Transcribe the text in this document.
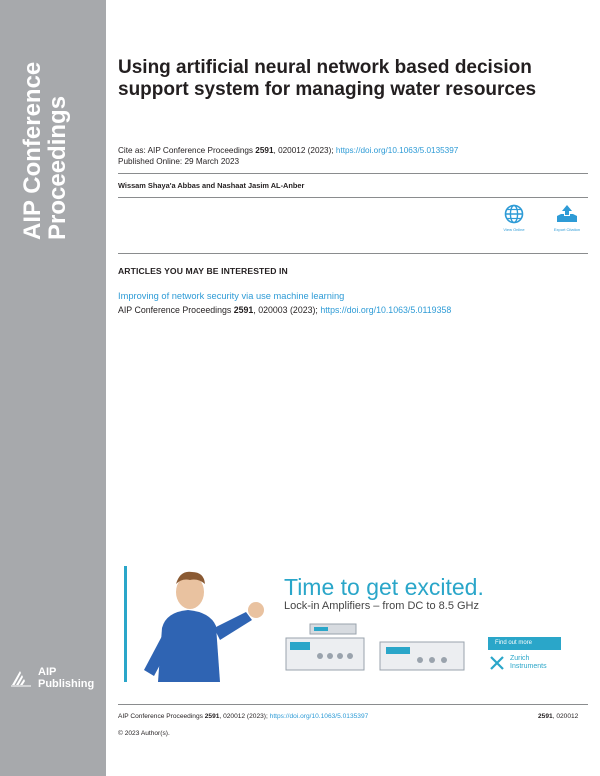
AIP Conference Proceedings
AIP
Publishing
Using artificial neural network based decision support system for managing water resources
Cite as: AIP Conference Proceedings 2591, 020012 (2023); https://doi.org/10.1063/5.0135397
Published Online: 29 March 2023
Wissam Shaya'a Abbas and Nashaat Jasim AL-Anber
View Online	Export Citation
ARTICLES YOU MAY BE INTERESTED IN
Improving of network security via use machine learning
AIP Conference Proceedings 2591, 020003 (2023); https://doi.org/10.1063/5.0119358
Time to get excited.
Lock-in Amplifiers – from DC to 8.5 GHz
Find out more
Zurich
Instruments
AIP Conference Proceedings 2591, 020012 (2023); https://doi.org/10.1063/5.0135397	2591, 020012
© 2023 Author(s).
